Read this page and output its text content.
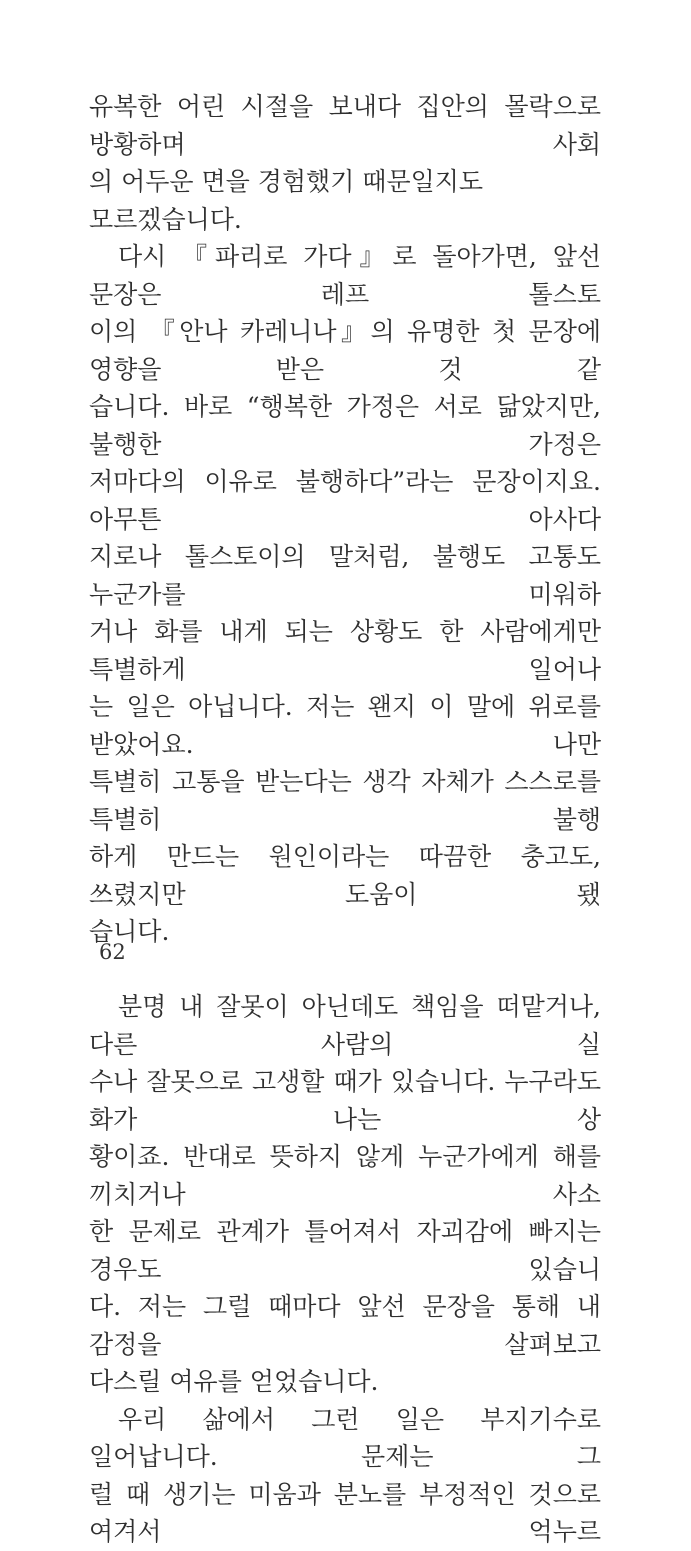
유복한 어린 시절을 보내다 집안의 몰락으로 방황하며 사회
의 어두운 면을 경험했기 때문일지도 모르겠습니다.
다시 『파리로 가다』로 돌아가면, 앞선 문장은 레프 톨스토
이의 『안나 카레니나』의 유명한 첫 문장에 영향을 받은 것 같
습니다. 바로 “행복한 가정은 서로 닮았지만, 불행한 가정은
저마다의 이유로 불행하다”라는 문장이지요. 아무튼 아사다
지로나 톨스토이의 말처럼, 불행도 고통도 누군가를 미워하
거나 화를 내게 되는 상황도 한 사람에게만 특별하게 일어나
는 일은 아닙니다. 저는 왠지 이 말에 위로를 받았어요. 나만
특별히 고통을 받는다는 생각 자체가 스스로를 특별히 불행
하게 만드는 원인이라는 따끔한 충고도, 쓰렸지만 도움이 됐
습니다.
분명 내 잘못이 아닌데도 책임을 떠맡거나, 다른 사람의 실
수나 잘못으로 고생할 때가 있습니다. 누구라도 화가 나는 상
황이죠. 반대로 뜻하지 않게 누군가에게 해를 끼치거나 사소
한 문제로 관계가 틀어져서 자괴감에 빠지는 경우도 있습니
다. 저는 그럴 때마다 앞선 문장을 통해 내 감정을 살펴보고
다스릴 여유를 얻었습니다.
우리 삶에서 그런 일은 부지기수로 일어납니다. 문제는 그
럴 때 생기는 미움과 분노를 부정적인 것으로 여겨서 억누르
62
